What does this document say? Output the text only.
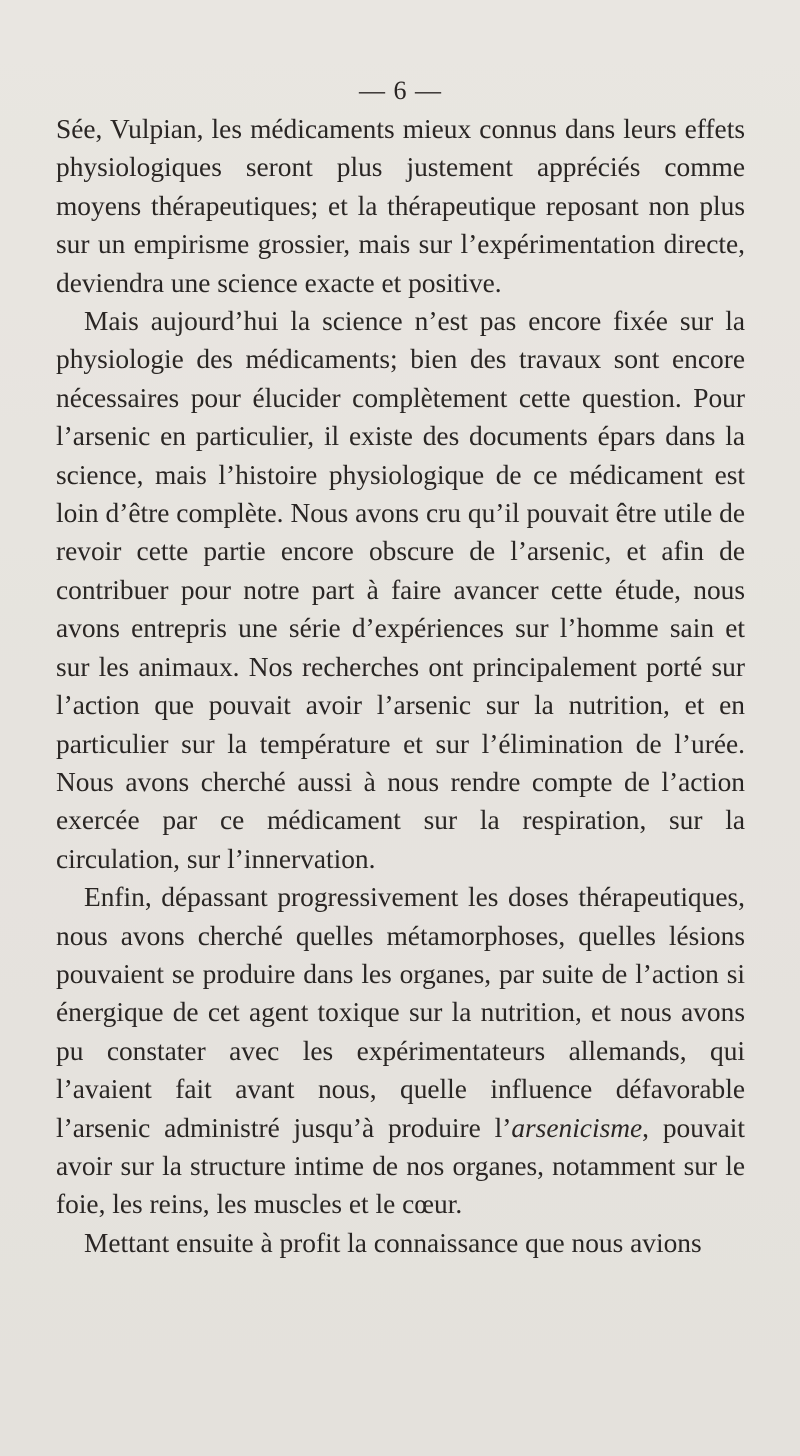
— 6 —

Sée, Vulpian, les médicaments mieux connus dans leurs effets physiologiques seront plus justement appréciés comme moyens thérapeutiques; et la thérapeutique reposant non plus sur un empirisme grossier, mais sur l’expérimentation directe, deviendra une science exacte et positive.

Mais aujourd’hui la science n’est pas encore fixée sur la physiologie des médicaments; bien des travaux sont encore nécessaires pour élucider complètement cette question. Pour l’arsenic en particulier, il existe des documents épars dans la science, mais l’histoire physiologique de ce médicament est loin d’être complète. Nous avons cru qu’il pouvait être utile de revoir cette partie encore obscure de l’arsenic, et afin de contribuer pour notre part à faire avancer cette étude, nous avons entrepris une série d’expériences sur l’homme sain et sur les animaux. Nos recherches ont principalement porté sur l’action que pouvait avoir l’arsenic sur la nutrition, et en particulier sur la température et sur l’élimination de l’urée. Nous avons cherché aussi à nous rendre compte de l’action exercée par ce médicament sur la respiration, sur la circulation, sur l’innervation.

Enfin, dépassant progressivement les doses thérapeutiques, nous avons cherché quelles métamorphoses, quelles lésions pouvaient se produire dans les organes, par suite de l’action si énergique de cet agent toxique sur la nutrition, et nous avons pu constater avec les expérimentateurs allemands, qui l’avaient fait avant nous, quelle influence défavorable l’arsenic administré jusqu’à produire l’arsenicisme, pouvait avoir sur la structure intime de nos organes, notamment sur le foie, les reins, les muscles et le cœur.

Mettant ensuite à profit la connaissance que nous avions
